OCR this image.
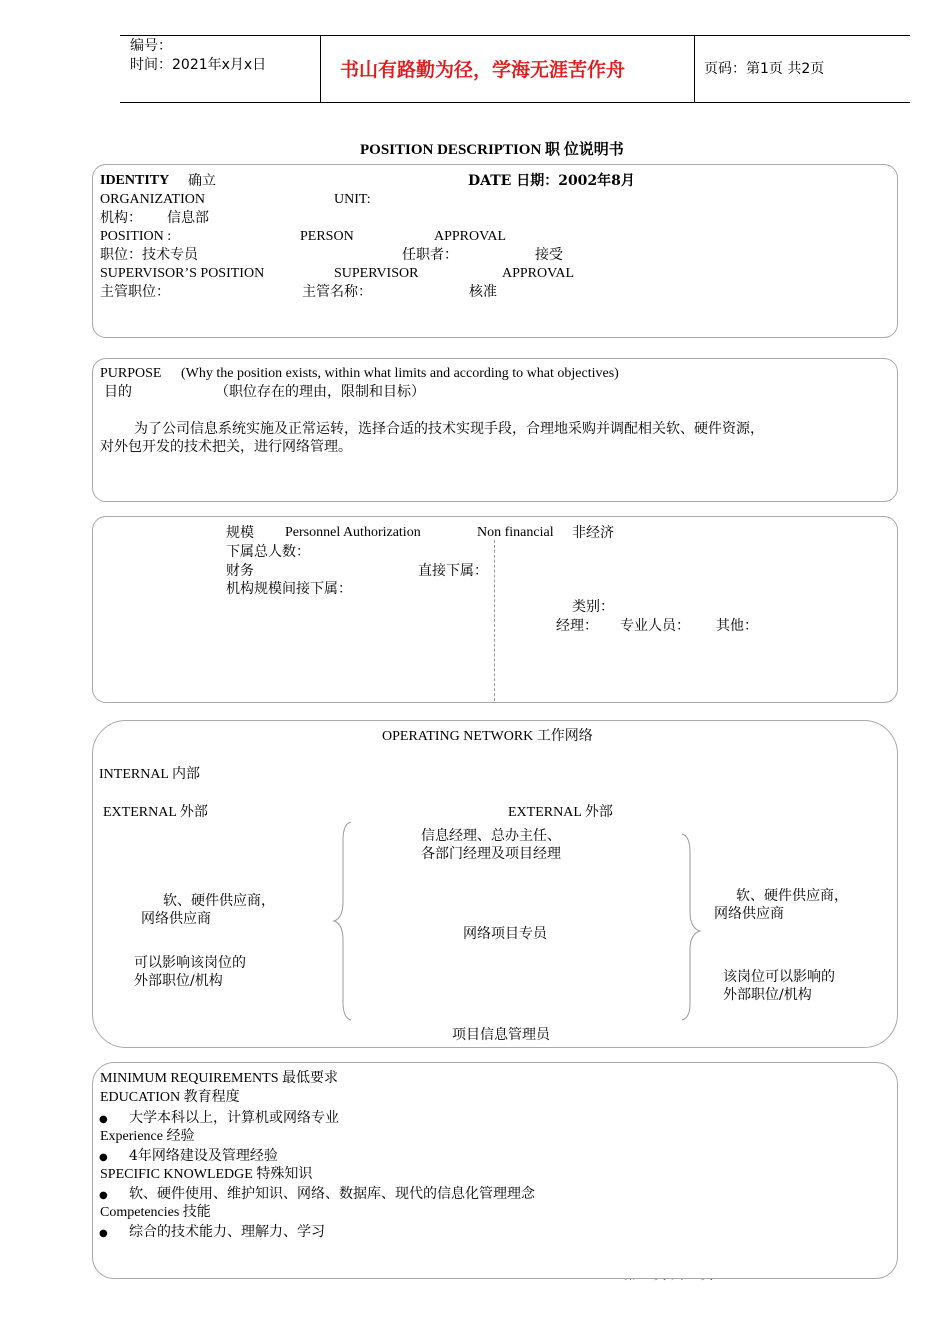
编号：
时间：2021年x月x日	书山有路勤为径，学海无涯苦作舟	页码：第1页 共2页
POSITION DESCRIPTION 职 位说明书
IDENTITY 确立	DATE 日期：2002年8月
ORGANIZATION	UNIT:
机构： 信息部
POSITION :	PERSON	APPROVAL
职位：技术专员	任职者：	接受
SUPERVISOR’S POSITION	SUPERVISOR	APPROVAL
主管职位：	主管名称：	核准
PURPOSE (Why the position exists, within what limits and according to what objectives)
目的	（职位存在的理由，限制和目标）
为了公司信息系统实施及正常运转，选择合适的技术实现手段，合理地采购并调配相关软、硬件资源，
对外包开发的技术把关，进行网络管理。
规模 Personnel Authorization	Non financial 非经济
下属总人数：
财务	直接下属：
机构规模间接下属：
类别：
经理： 专业人员： 其他：
OPERATING NETWORK 工作网络
INTERNAL 内部
EXTERNAL 外部	EXTERNAL 外部
信息经理、总办主任、
各部门经理及项目经理
网络项目专员
软、硬件供应商，
网络供应商
可以影响该岗位的
外部职位/机构
软、硬件供应商，
网络供应商
该岗位可以影响的
外部职位/机构
项目信息管理员
MINIMUM REQUIREMENTS 最低要求
EDUCATION 教育程度
● 大学本科以上，计算机或网络专业
Experience 经验
● 4年网络建设及管理经验
SPECIFIC KNOWLEDGE 特殊知识
● 软、硬件使用、维护知识、网络、数据库、现代的信息化管理理念
Competencies 技能
● 综合的技术能力、理解力、学习
